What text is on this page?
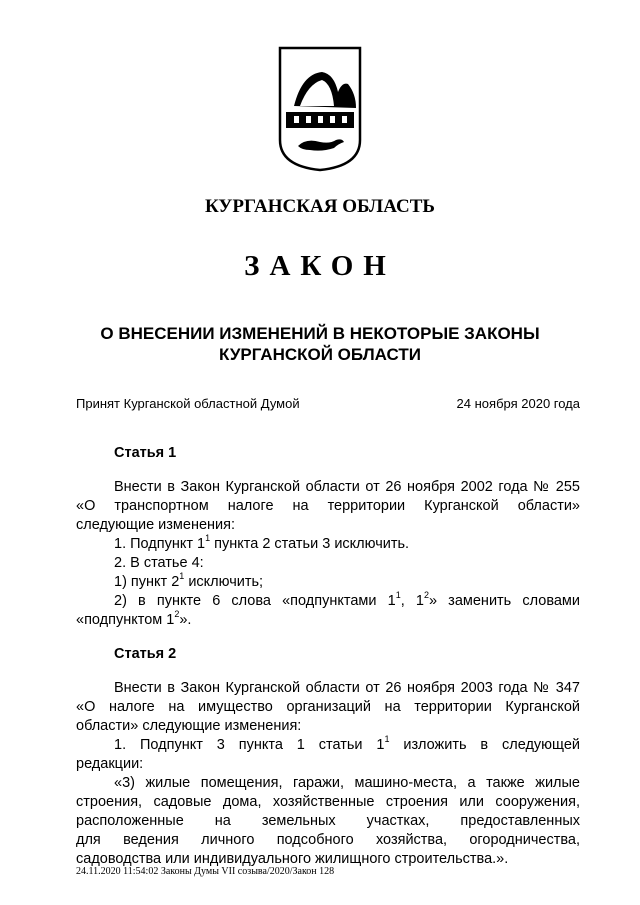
КУРГАНСКАЯ ОБЛАСТЬ
ЗАКОН
О ВНЕСЕНИИ ИЗМЕНЕНИЙ В НЕКОТОРЫЕ ЗАКОНЫ
КУРГАНСКОЙ ОБЛАСТИ
Принят Курганской областной Думой	24 ноября 2020 года
Статья 1

Внести в Закон Курганской области от 26 ноября 2002 года № 255

«О транспортном налоге на территории Курганской области»

следующие изменения:

1. Подпункт $1^1$ пункта 2 статьи 3 исключить.

2. В статье 4:

1) пункт $2^1$ исключить;

2) в пункте 6 слова «подпунктами $1^1$, $1^2$» заменить словами

«подпунктом $1^2$».

Статья 2

Внести в Закон Курганской области от 26 ноября 2003 года № 347

«О налоге на имущество организаций на территории Курганской

области» следующие изменения:

1. Подпункт 3 пункта 1 статьи $1^1$ изложить в следующей

редакции:

«3) жилые помещения, гаражи, машино-места, а также жилые

строения, садовые дома, хозяйственные строения или сооружения,

расположенные на земельных участках, предоставленных

для ведения личного подсобного хозяйства, огородничества,

садоводства или индивидуального жилищного строительства.».

24.11.2020 11:54:02 Законы Думы VII созыва/2020/Закон 128
